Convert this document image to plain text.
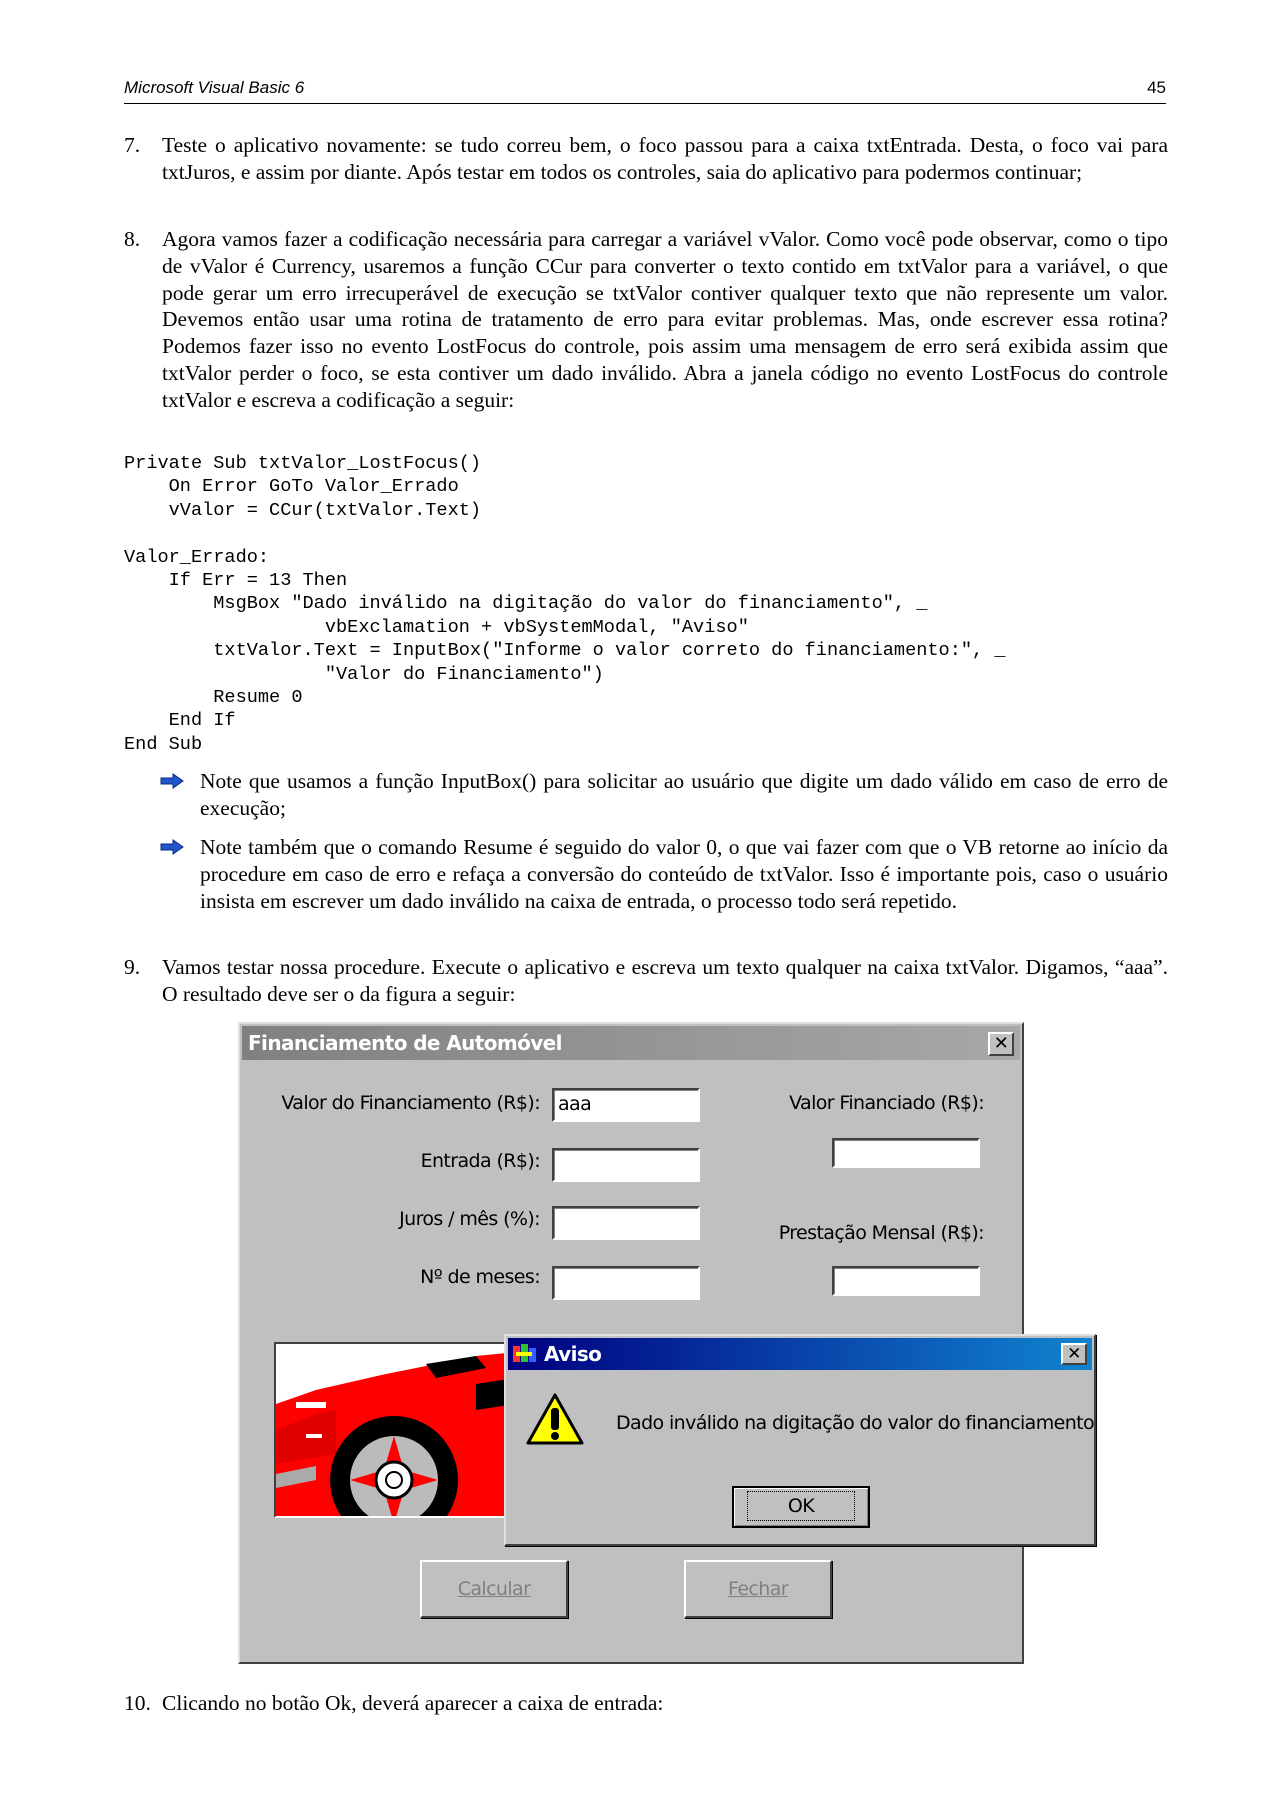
Microsoft Visual Basic 6	45
7. Teste o aplicativo novamente: se tudo correu bem, o foco passou para a caixa txtEntrada. Desta, o foco vai para txtJuros, e assim por diante. Após testar em todos os controles, saia do aplicativo para podermos continuar;
8. Agora vamos fazer a codificação necessária para carregar a variável vValor. Como você pode observar, como o tipo de vValor é Currency, usaremos a função CCur para converter o texto contido em txtValor para a variável, o que pode gerar um erro irrecuperável de execução se txtValor contiver qualquer texto que não represente um valor. Devemos então usar uma rotina de tratamento de erro para evitar problemas. Mas, onde escrever essa rotina? Podemos fazer isso no evento LostFocus do controle, pois assim uma mensagem de erro será exibida assim que txtValor perder o foco, se esta contiver um dado inválido. Abra a janela código no evento LostFocus do controle txtValor e escreva a codificação a seguir:
Private Sub txtValor_LostFocus()
On Error GoTo Valor_Errado
vValor = CCur(txtValor.Text)

Valor_Errado:
If Err = 13 Then
MsgBox "Dado inválido na digitação do valor do financiamento", _
vbExclamation + vbSystemModal, "Aviso"
txtValor.Text = InputBox("Informe o valor correto do financiamento:", _
"Valor do Financiamento")
Resume 0
End If
End Sub
Note que usamos a função InputBox() para solicitar ao usuário que digite um dado válido em caso de erro de execução;
Note também que o comando Resume é seguido do valor 0, o que vai fazer com que o VB retorne ao início da procedure em caso de erro e refaça a conversão do conteúdo de txtValor. Isso é importante pois, caso o usuário insista em escrever um dado inválido na caixa de entrada, o processo todo será repetido.
9. Vamos testar nossa procedure. Execute o aplicativo e escreva um texto qualquer na caixa txtValor. Digamos, “aaa”. O resultado deve ser o da figura a seguir:
Financiamento de Automóvel	✕
Valor do Financiamento (R$): aaa
Entrada (R$):
Juros / mês (%):
Nº de meses:
Valor Financiado (R$):
Prestação Mensal (R$):
Calcular	Fechar
Aviso	✕
Dado inválido na digitação do valor do financiamento
OK
10. Clicando no botão Ok, deverá aparecer a caixa de entrada:
